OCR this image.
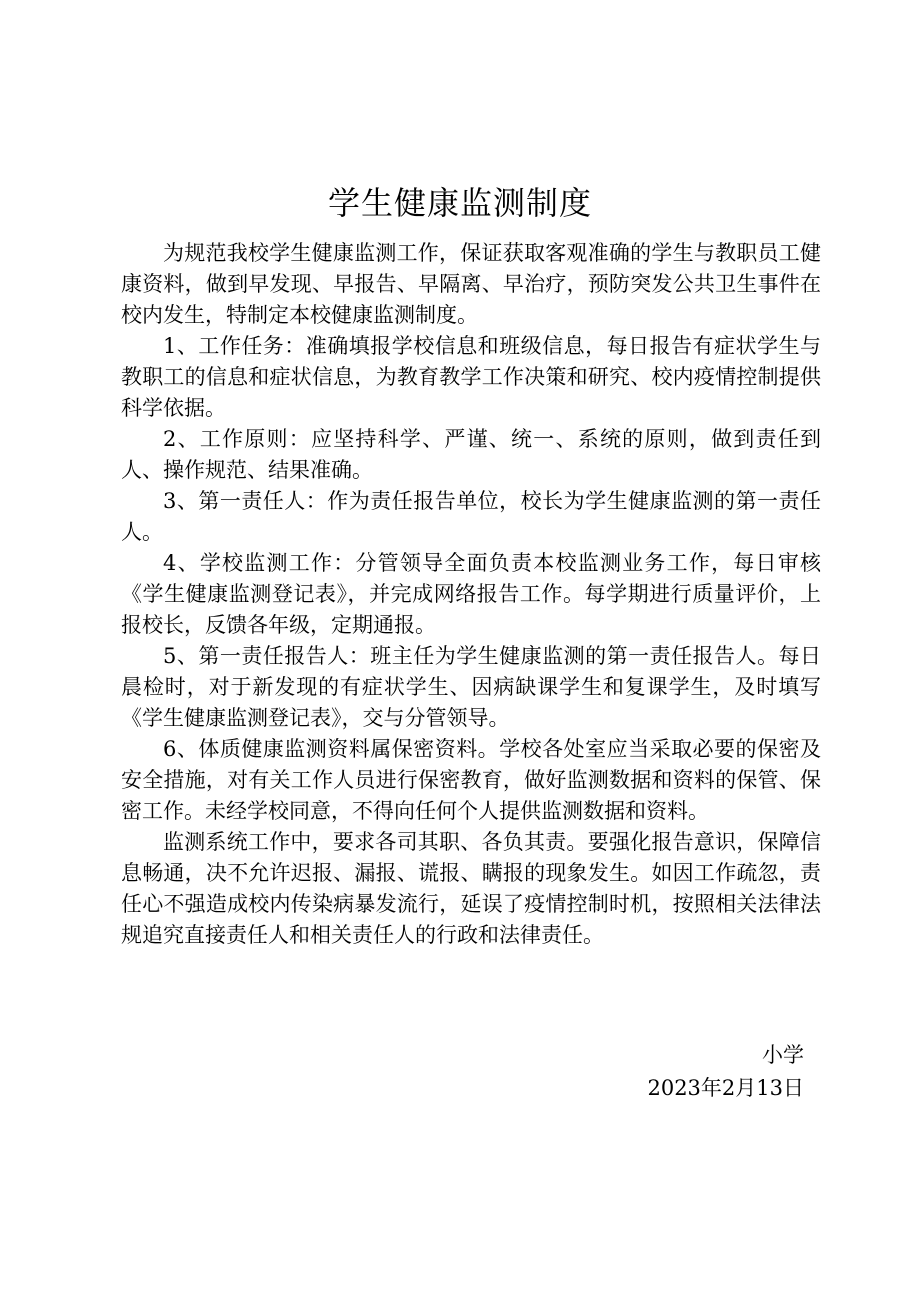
学生健康监测制度

为规范我校学生健康监测工作，保证获取客观准确的学生与教职员工健康资料，做到早发现、早报告、早隔离、早治疗，预防突发公共卫生事件在校内发生，特制定本校健康监测制度。

1、工作任务：准确填报学校信息和班级信息，每日报告有症状学生与教职工的信息和症状信息，为教育教学工作决策和研究、校内疫情控制提供科学依据。

2、工作原则：应坚持科学、严谨、统一、系统的原则，做到责任到人、操作规范、结果准确。

3、第一责任人：作为责任报告单位，校长为学生健康监测的第一责任人。

4、学校监测工作：分管领导全面负责本校监测业务工作，每日审核《学生健康监测登记表》，并完成网络报告工作。每学期进行质量评价，上报校长，反馈各年级，定期通报。

5、第一责任报告人：班主任为学生健康监测的第一责任报告人。每日晨检时，对于新发现的有症状学生、因病缺课学生和复课学生，及时填写《学生健康监测登记表》，交与分管领导。

6、体质健康监测资料属保密资料。学校各处室应当采取必要的保密及安全措施，对有关工作人员进行保密教育，做好监测数据和资料的保管、保密工作。未经学校同意，不得向任何个人提供监测数据和资料。

监测系统工作中，要求各司其职、各负其责。要强化报告意识，保障信息畅通，决不允许迟报、漏报、谎报、瞒报的现象发生。如因工作疏忽，责任心不强造成校内传染病暴发流行，延误了疫情控制时机，按照相关法律法规追究直接责任人和相关责任人的行政和法律责任。

小学

2023年2月13日
